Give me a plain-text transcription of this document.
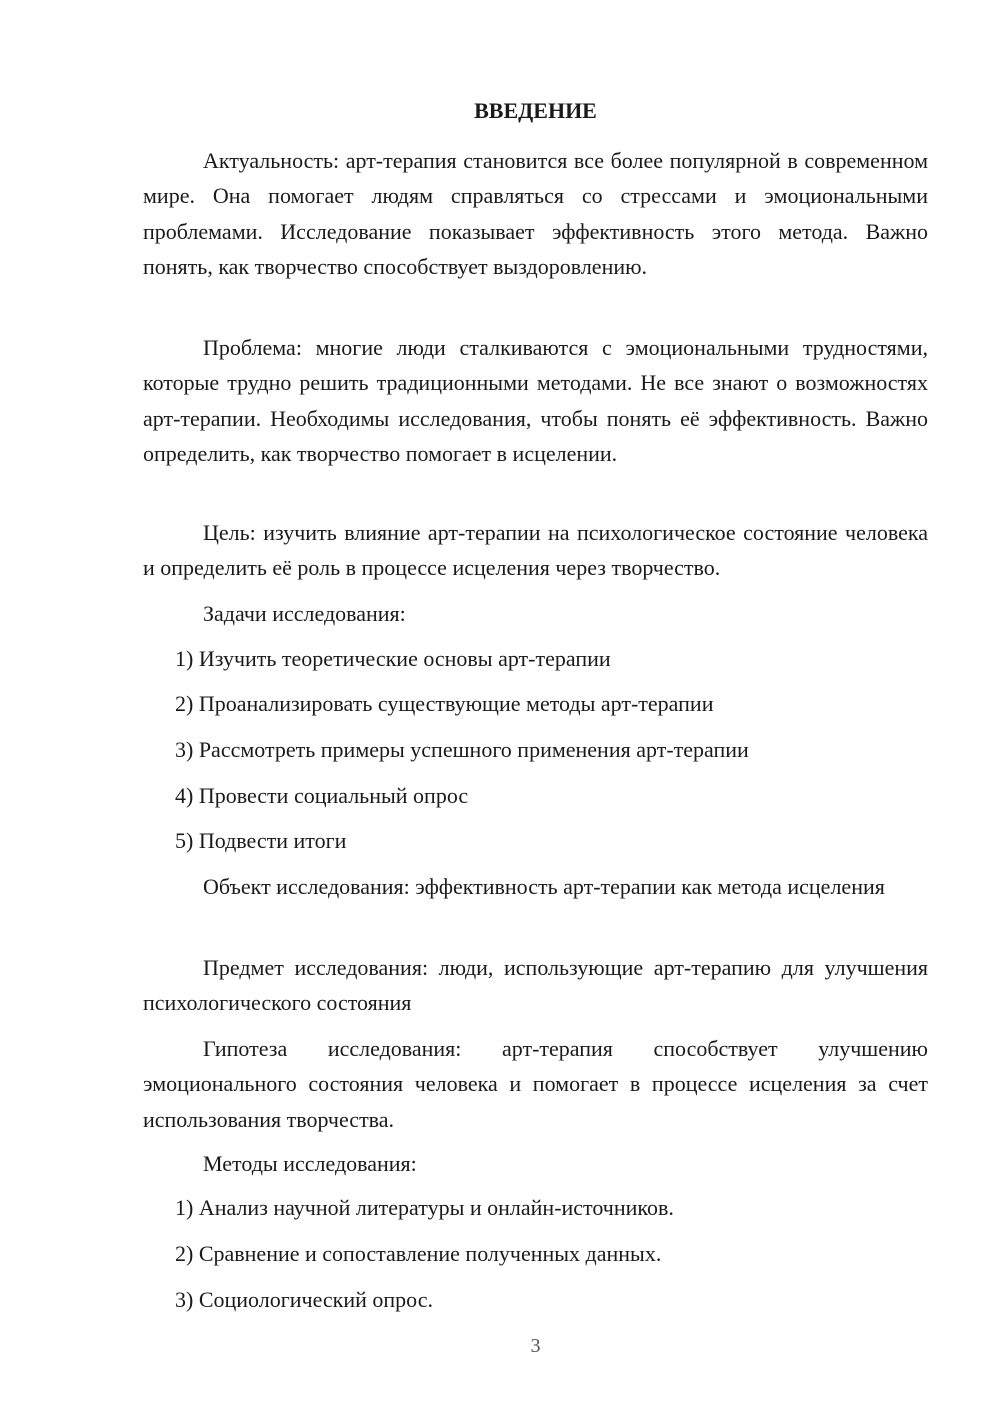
ВВЕДЕНИЕ

Актуальность: арт-терапия становится все более популярной в современном мире. Она помогает людям справляться со стрессами и эмоциональными проблемами. Исследование показывает эффективность этого метода. Важно понять, как творчество способствует выздоровлению.

Проблема: многие люди сталкиваются с эмоциональными трудностями, которые трудно решить традиционными методами. Не все знают о возможностях арт-терапии. Необходимы исследования, чтобы понять её эффективность. Важно определить, как творчество помогает в исцелении.

Цель: изучить влияние арт-терапии на психологическое состояние человека и определить её роль в процессе исцеления через творчество.

Задачи исследования:

1) Изучить теоретические основы арт-терапии

2) Проанализировать существующие методы арт-терапии

3) Рассмотреть примеры успешного применения арт-терапии

4) Провести социальный опрос

5) Подвести итоги

Объект исследования: эффективность арт-терапии как метода исцеления

Предмет исследования: люди, использующие арт-терапию для улучшения психологического состояния

Гипотеза исследования: арт-терапия способствует улучшению эмоционального состояния человека и помогает в процессе исцеления за счет использования творчества.

Методы исследования:

1) Анализ научной литературы и онлайн-источников.

2) Сравнение и сопоставление полученных данных.

3) Социологический опрос.

3
